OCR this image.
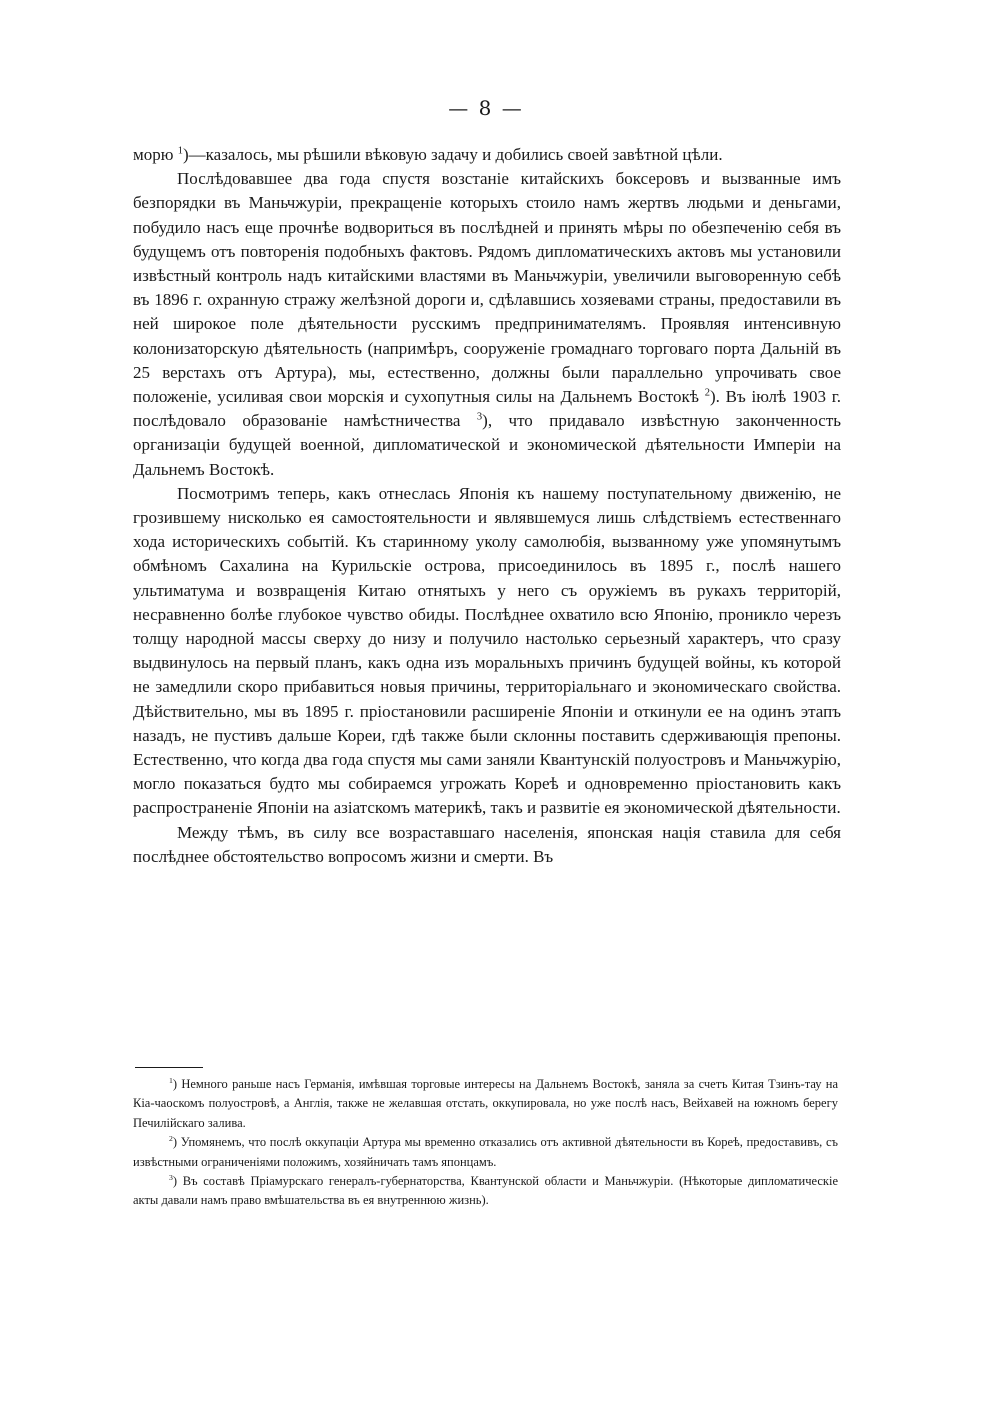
— 8 —

морю $^1$)—казалось, мы рѣшили вѣковую задачу и добились своей завѣтной цѣли.

Послѣдовавшее два года спустя возстаніе китайскихъ боксеровъ и вызванные имъ безпорядки въ Маньчжуріи, прекращеніе которыхъ стоило намъ жертвъ людьми и деньгами, побудило насъ еще прочнѣе водвориться въ послѣдней и принять мѣры по обезпеченію себя въ будущемъ отъ повторенія подобныхъ фактовъ. Рядомъ дипломатическихъ актовъ мы установили извѣстный контроль надъ китайскими властями въ Маньчжуріи, увеличили выговоренную себѣ въ 1896 г. охранную стражу желѣзной дороги и, сдѣлавшись хозяевами страны, предоставили въ ней широкое поле дѣятельности русскимъ предпринимателямъ. Проявляя интенсивную колонизаторскую дѣятельность (напримѣръ, сооруженіе громаднаго торговаго порта Дальній въ 25 верстахъ отъ Артура), мы, естественно, должны были параллельно упрочивать свое положеніе, усиливая свои морскія и сухопутныя силы на Дальнемъ Востокѣ $^2$). Въ іюлѣ 1903 г. послѣдовало образованіе намѣстничества $^3$), что придавало извѣстную законченность организаціи будущей военной, дипломатической и экономической дѣятельности Имперіи на Дальнемъ Востокѣ.

Посмотримъ теперь, какъ отнеслась Японія къ нашему поступательному движенію, не грозившему нисколько ея самостоятельности и являвшемуся лишь слѣдствіемъ естественнаго хода историческихъ событій. Къ старинному уколу самолюбія, вызванному уже упомянутымъ обмѣномъ Сахалина на Курильскіе острова, присоединилось въ 1895 г., послѣ нашего ультиматума и возвращенія Китаю отнятыхъ у него съ оружіемъ въ рукахъ территорій, несравненно болѣе глубокое чувство обиды. Послѣднее охватило всю Японію, проникло черезъ толщу народной массы сверху до низу и получило настолько серьезный характеръ, что сразу выдвинулось на первый планъ, какъ одна изъ моральныхъ причинъ будущей войны, къ которой не замедлили скоро прибавиться новыя причины, территоріальнаго и экономическаго свойства. Дѣйствительно, мы въ 1895 г. пріостановили расширеніе Японіи и откинули ее на одинъ этапъ назадъ, не пустивъ дальше Кореи, гдѣ также были склонны поставить сдерживающія препоны. Естественно, что когда два года спустя мы сами заняли Квантунскій полуостровъ и Маньчжурію, могло показаться будто мы собираемся угрожать Кореѣ и одновременно пріостановить какъ распространеніе Японіи на азіатскомъ материкѣ, такъ и развитіе ея экономической дѣятельности.

Между тѣмъ, въ силу все возраставшаго населенія, японская нація ставила для себя послѣднее обстоятельство вопросомъ жизни и смерти. Въ

$^1$) Немного раньше насъ Германія, имѣвшая торговые интересы на Дальнемъ Востокѣ, заняла за счетъ Китая Тзинъ-тау на Кіа-чаоскомъ полуостровѣ, а Англія, также не желавшая отстать, оккупировала, но уже послѣ насъ, Вейхавей на южномъ берегу Печилійскаго залива.

$^2$) Упомянемъ, что послѣ оккупаціи Артура мы временно отказались отъ активной дѣятельности въ Кореѣ, предоставивъ, съ извѣстными ограниченіями положимъ, хозяйничать тамъ японцамъ.

$^3$) Въ составѣ Пріамурскаго генералъ-губернаторства, Квантунской области и Маньчжуріи. (Нѣкоторые дипломатическіе акты давали намъ право вмѣшательства въ ея внутреннюю жизнь).
